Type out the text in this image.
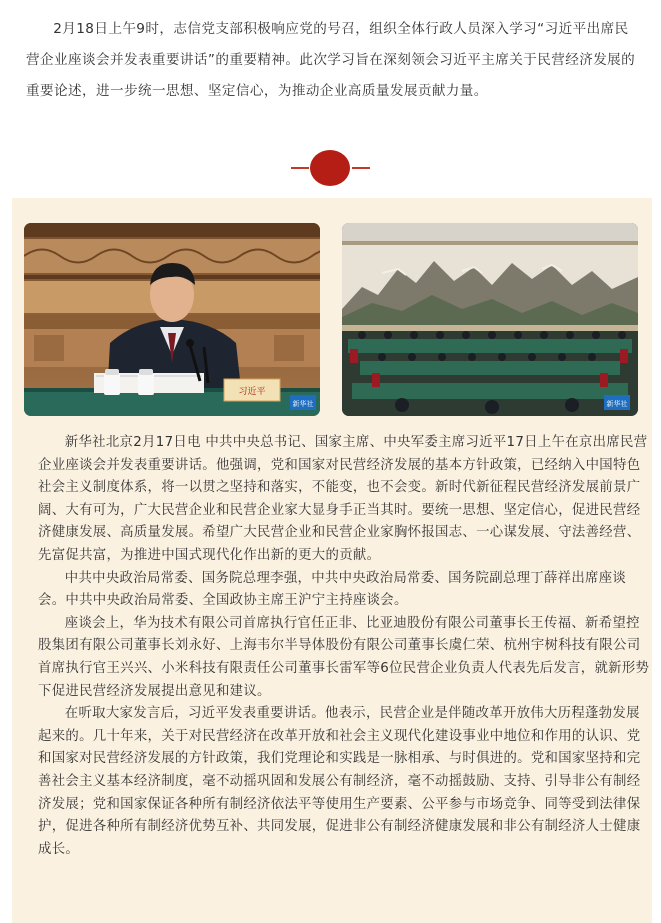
2月18日上午9时，志信党支部积极响应党的号召，组织全体行政人员深入学习“习近平出席民营企业座谈会并发表重要讲话”的重要精神。此次学习旨在深刻领会习近平主席关于民营经济发展的重要论述，进一步统一思想、坚定信心，为推动企业高质量发展贡献力量。

习近平
新华社	新华社

新华社北京2月17日电 中共中央总书记、国家主席、中央军委主席习近平17日上午在京出席民营企业座谈会并发表重要讲话。他强调，党和国家对民营经济发展的基本方针政策，已经纳入中国特色社会主义制度体系，将一以贯之坚持和落实，不能变，也不会变。新时代新征程民营经济发展前景广阔、大有可为，广大民营企业和民营企业家大显身手正当其时。要统一思想、坚定信心，促进民营经济健康发展、高质量发展。希望广大民营企业和民营企业家胸怀报国志、一心谋发展、守法善经营、先富促共富，为推进中国式现代化作出新的更大的贡献。

中共中央政治局常委、国务院总理李强，中共中央政治局常委、国务院副总理丁薛祥出席座谈会。中共中央政治局常委、全国政协主席王沪宁主持座谈会。

座谈会上，华为技术有限公司首席执行官任正非、比亚迪股份有限公司董事长王传福、新希望控股集团有限公司董事长刘永好、上海韦尔半导体股份有限公司董事长虞仁荣、杭州宇树科技有限公司首席执行官王兴兴、小米科技有限责任公司董事长雷军等6位民营企业负责人代表先后发言，就新形势下促进民营经济发展提出意见和建议。

在听取大家发言后，习近平发表重要讲话。他表示，民营企业是伴随改革开放伟大历程蓬勃发展起来的。几十年来，关于对民营经济在改革开放和社会主义现代化建设事业中地位和作用的认识、党和国家对民营经济发展的方针政策，我们党理论和实践是一脉相承、与时俱进的。党和国家坚持和完善社会主义基本经济制度，毫不动摇巩固和发展公有制经济，毫不动摇鼓励、支持、引导非公有制经济发展；党和国家保证各种所有制经济依法平等使用生产要素、公平参与市场竞争、同等受到法律保护，促进各种所有制经济优势互补、共同发展，促进非公有制经济健康发展和非公有制经济人士健康成长。
